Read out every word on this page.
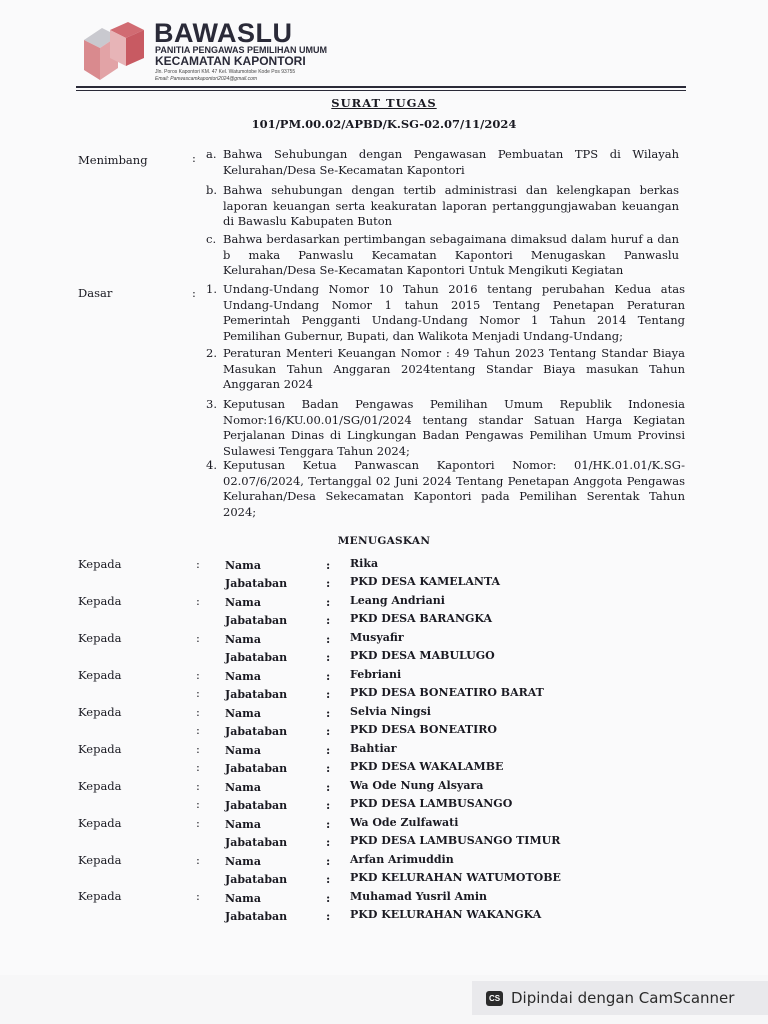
BAWASLU
PANITIA PENGAWAS PEMILIHAN UMUM
KECAMATAN KAPONTORI
Jln. Poros Kapontori KM. 47 Kel. Watumotobe Kode Pos 93755
Email: Panwascamkapontori2024@gmail.com
SURAT TUGAS
101/PM.00.02/APBD/K.SG-02.07/11/2024
Menimbang	: a. Bahwa Sehubungan dengan Pengawasan Pembuatan TPS di Wilayah Kelurahan/Desa Se-Kecamatan Kapontori
b. Bahwa sehubungan dengan tertib administrasi dan kelengkapan berkas laporan keuangan serta keakuratan laporan pertanggungjawaban keuangan di Bawaslu Kabupaten Buton
c. Bahwa berdasarkan pertimbangan sebagaimana dimaksud dalam huruf a dan b maka Panwaslu Kecamatan Kapontori Menugaskan Panwaslu Kelurahan/Desa Se-Kecamatan Kapontori Untuk Mengikuti Kegiatan
Dasar	: 1. Undang-Undang Nomor 10 Tahun 2016 tentang perubahan Kedua atas Undang-Undang Nomor 1 tahun 2015 Tentang Penetapan Peraturan Pemerintah Pengganti Undang-Undang Nomor 1 Tahun 2014 Tentang Pemilihan Gubernur, Bupati, dan Walikota Menjadi Undang-Undang;
2. Peraturan Menteri Keuangan Nomor : 49 Tahun 2023 Tentang Standar Biaya Masukan Tahun Anggaran 2024tentang Standar Biaya masukan Tahun Anggaran 2024
3. Keputusan Badan Pengawas Pemilihan Umum Republik Indonesia Nomor:16/KU.00.01/SG/01/2024 tentang standar Satuan Harga Kegiatan Perjalanan Dinas di Lingkungan Badan Pengawas Pemilihan Umum Provinsi Sulawesi Tenggara Tahun 2024;
4. Keputusan Ketua Panwascan Kapontori Nomor: 01/HK.01.01/K.SG-02.07/6/2024, Tertanggal 02 Juni 2024 Tentang Penetapan Anggota Pengawas Kelurahan/Desa Sekecamatan Kapontori pada Pemilihan Serentak Tahun 2024;
MENUGASKAN
Kepada	: Nama	: Rika
Jabataban	: PKD DESA KAMELANTA
Kepada	: Nama	: Leang Andriani
Jabataban	: PKD DESA BARANGKA
Kepada	: Nama	: Musyafir
Jabataban	: PKD DESA MABULUGO
Kepada	: Nama	: Febriani
: Jabataban	: PKD DESA BONEATIRO BARAT
Kepada	: Nama	: Selvia Ningsi
: Jabataban	: PKD DESA BONEATIRO
Kepada	: Nama	: Bahtiar
: Jabataban	: PKD DESA WAKALAMBE
Kepada	: Nama	: Wa Ode Nung Alsyara
: Jabataban	: PKD DESA LAMBUSANGO
Kepada	: Nama	: Wa Ode Zulfawati
Jabataban	: PKD DESA LAMBUSANGO TIMUR
Kepada	: Nama	: Arfan Arimuddin
Jabataban	: PKD KELURAHAN WATUMOTOBE
Kepada	: Nama	: Muhamad Yusril Amin
Jabataban	: PKD KELURAHAN WAKANGKA
CS Dipindai dengan CamScanner
